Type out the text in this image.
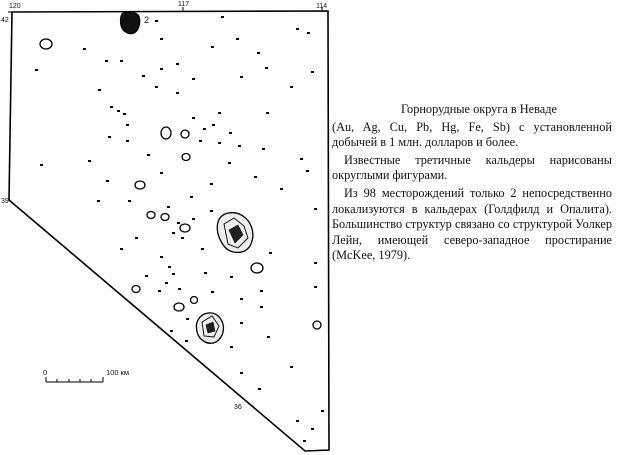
120	117	114
42
39
36
2
0	100 км

Горнорудные округа в Неваде

(Au, Ag, Cu, Pb, Hg, Fe, Sb) с установленной добычей в 1 млн. долларов и более.

Известные третичные кальдеры нарисованы округлыми фигурами.

Из 98 месторождений только 2 непосредственно локализуются в кальдерах (Голдфилд и Опалита). Большинство структур связано со структурой Уолкер Лейн, имеющей северо-западное простирание (McKee, 1979).
